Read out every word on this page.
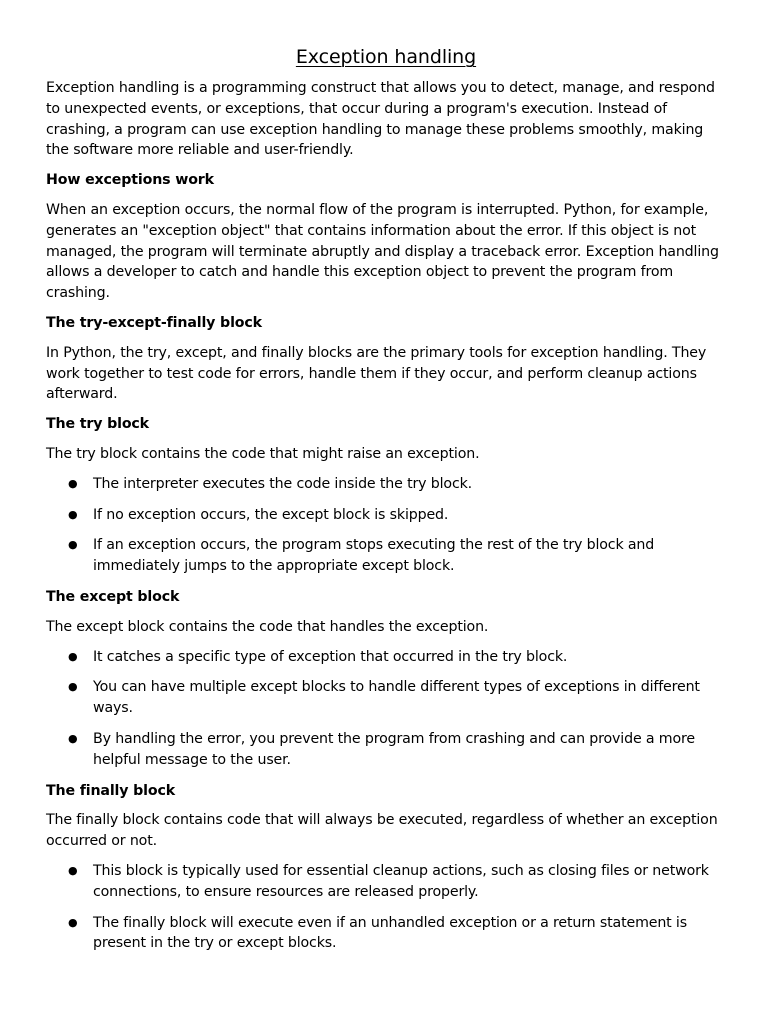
Exception handling

Exception handling is a programming construct that allows you to detect, manage, and respond to unexpected events, or exceptions, that occur during a program's execution. Instead of crashing, a program can use exception handling to manage these problems smoothly, making the software more reliable and user-friendly.

How exceptions work

When an exception occurs, the normal flow of the program is interrupted. Python, for example, generates an "exception object" that contains information about the error. If this object is not managed, the program will terminate abruptly and display a traceback error. Exception handling allows a developer to catch and handle this exception object to prevent the program from crashing.

The try-except-finally block

In Python, the try, except, and finally blocks are the primary tools for exception handling. They work together to test code for errors, handle them if they occur, and perform cleanup actions afterward.

The try block

The try block contains the code that might raise an exception.

● The interpreter executes the code inside the try block.
● If no exception occurs, the except block is skipped.
● If an exception occurs, the program stops executing the rest of the try block and immediately jumps to the appropriate except block.
The except block

The except block contains the code that handles the exception.

● It catches a specific type of exception that occurred in the try block.
● You can have multiple except blocks to handle different types of exceptions in different ways.
● By handling the error, you prevent the program from crashing and can provide a more helpful message to the user.
The finally block

The finally block contains code that will always be executed, regardless of whether an exception occurred or not.

● This block is typically used for essential cleanup actions, such as closing files or network connections, to ensure resources are released properly.
● The finally block will execute even if an unhandled exception or a return statement is present in the try or except blocks.
